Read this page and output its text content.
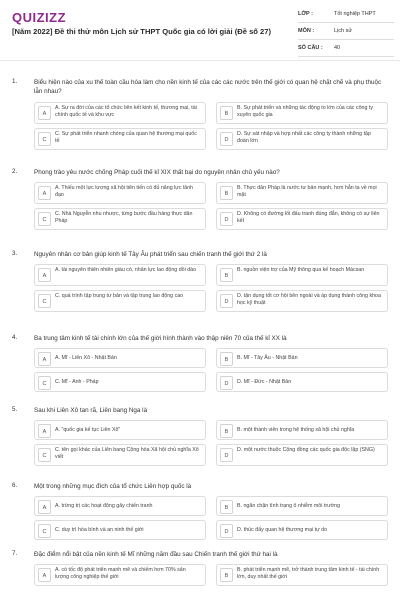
QUIZIZZ
[Năm 2022] Đề thi thử môn Lịch sử THPT Quốc gia có lời giải (Đề số 27)
LỚP :	Tốt nghiệp THPT
MÔN :	Lịch sử
SỐ CÂU :	40
1.	Biểu hiện nào của xu thế toàn cầu hóa làm cho nền kinh tế của các các nước trên thế giới có quan hệ chặt chẽ và phụ thuộc lẫn nhau?
A
A. Sự ra đời của các tổ chức liên kết kinh tế, thương mại, tài chính quốc tế và khu vực	B
B. Sự phát triển và những tác động to lớn của các công ty xuyên quốc gia
C
C. Sự phát triển nhanh chóng của quan hệ thương mại quốc tế	D
D. Sự sát nhập và hợp nhất các công ty thành những tập đoàn lớn
2.	Phong trào yêu nước chống Pháp cuối thế kỉ XIX thất bại do nguyên nhân chủ yếu nào?
A
A. Thiếu một lực lượng xã hội tiên tiến có đủ năng lực lãnh đạo	B
B. Thực dân Pháp là nước tư bản mạnh, hơn hẳn ta về mọi mặt
C
C. Nhà Nguyễn nhu nhược, từng bước đầu hàng thực dân Pháp	D
D. Không có đường lối đấu tranh đúng đắn, không có sự liên kết
3.	Nguyên nhân cơ bản giúp kinh tế Tây Âu phát triển sau chiến tranh thế giới thứ 2 là
A
A. tài nguyên thiên nhiên giàu có, nhân lực lao động dồi dào
B
B. nguồn viện trợ của Mỹ thông qua kế hoạch Mácsan
C
C. quá trình tập trung tư bản và tập trung lao động cao
D
D. tận dụng tốt cơ hội bên ngoài và áp dụng thành công khoa học kỹ thuật
4.	Ba trung tâm kinh tế tài chính lớn của thế giới hình thành vào thập niên 70 của thế kỉ XX là
A	A. Mĩ - Liên Xô - Nhật Bản	B	B. Mĩ - Tây Âu - Nhật Bản
C	C. Mĩ - Anh - Pháp	D	D. Mĩ - Đức - Nhật Bản
5.	Sau khi Liên Xô tan rã, Liên bang Nga là
A	A. "quốc gia kế tục Liên Xô"	B	B. một thành viên trong hệ thống xã hội chủ nghĩa
C
C. tên gọi khác của Liên bang Cộng hòa Xã hội chủ nghĩa Xô viết	D
D. một nước thuộc Cộng đồng các quốc gia độc lập (SNG)
6.	Một trong những mục đích của tổ chức Liên hợp quốc là
A	A. trừng trị các hoạt động gây chiến tranh	B	B. ngăn chặn tình trạng ô nhiễm môi trường
C	C. duy trì hòa bình và an ninh thế giới	D	D. thúc đẩy quan hệ thương mại tự do
7.	Đặc điểm nổi bật của nền kinh tế Mĩ những năm đầu sau Chiến tranh thế giới thứ hai là
A
A. có tốc độ phát triển mạnh mẽ và chiếm hơn 70% sản lượng công nghiệp thế giới	B
B. phát triển mạnh mẽ, trở thành trung tâm kinh tế - tài chính lớn, duy nhất thế giới
